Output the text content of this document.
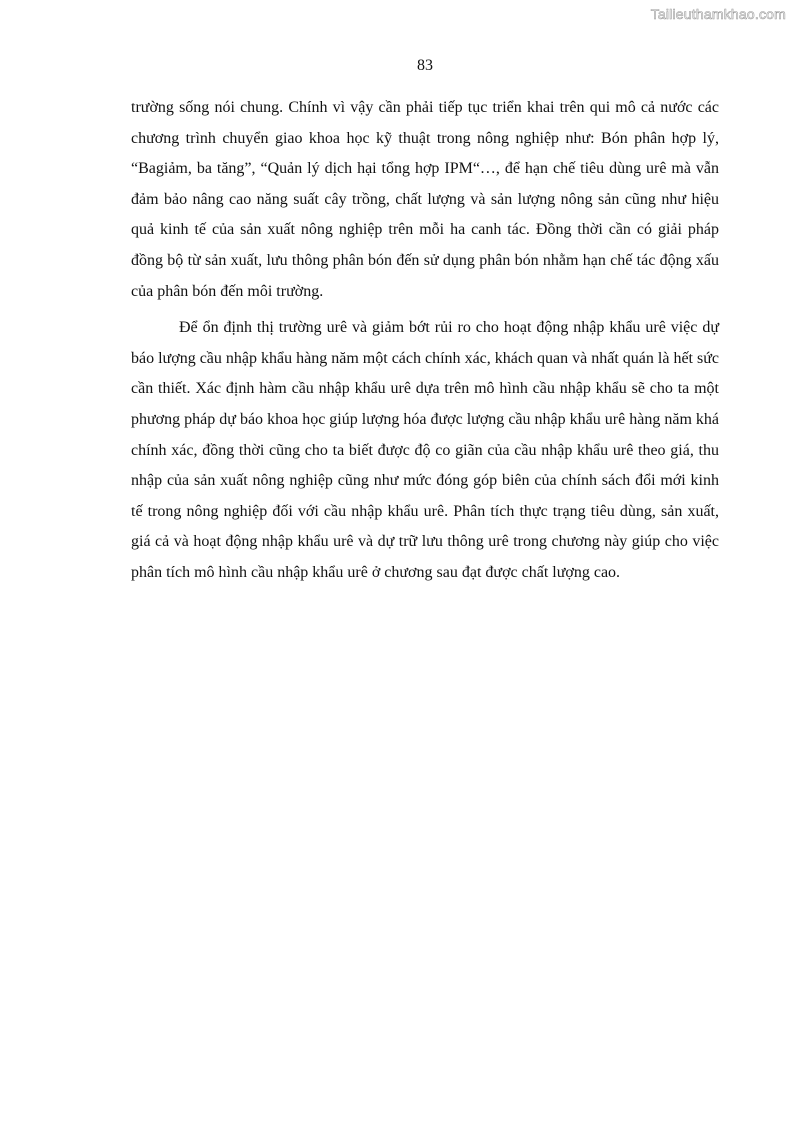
Tailieuthamkhao.com
83

trường sống nói chung. Chính vì vậy cần phải tiếp tục triển khai trên qui mô cả nước các chương trình chuyển giao khoa học kỹ thuật trong nông nghiệp như: Bón phân hợp lý, “Bagiảm, ba tăng”, “Quản lý dịch hại tổng hợp IPM“…, để hạn chế tiêu dùng urê mà vẫn đảm bảo nâng cao năng suất cây trồng, chất lượng và sản lượng nông sản cũng như hiệu quả kinh tế của sản xuất nông nghiệp trên mỗi ha canh tác. Đồng thời cần có giải pháp đồng bộ từ sản xuất, lưu thông phân bón đến sử dụng phân bón nhằm hạn chế tác động xấu của phân bón đến môi trường.

Để ổn định thị trường urê và giảm bớt rủi ro cho hoạt động nhập khẩu urê việc dự báo lượng cầu nhập khẩu hàng năm một cách chính xác, khách quan và nhất quán là hết sức cần thiết. Xác định hàm cầu nhập khẩu urê dựa trên mô hình cầu nhập khẩu sẽ cho ta một phương pháp dự báo khoa học giúp lượng hóa được lượng cầu nhập khẩu urê hàng năm khá chính xác, đồng thời cũng cho ta biết được độ co giãn của cầu nhập khẩu urê theo giá, thu nhập của sản xuất nông nghiệp cũng như mức đóng góp biên của chính sách đổi mới kinh tế trong nông nghiệp đối với cầu nhập khẩu urê. Phân tích thực trạng tiêu dùng, sản xuất, giá cả và hoạt động nhập khẩu urê và dự trữ lưu thông urê trong chương này giúp cho việc phân tích mô hình cầu nhập khẩu urê ở chương sau đạt được chất lượng cao.
